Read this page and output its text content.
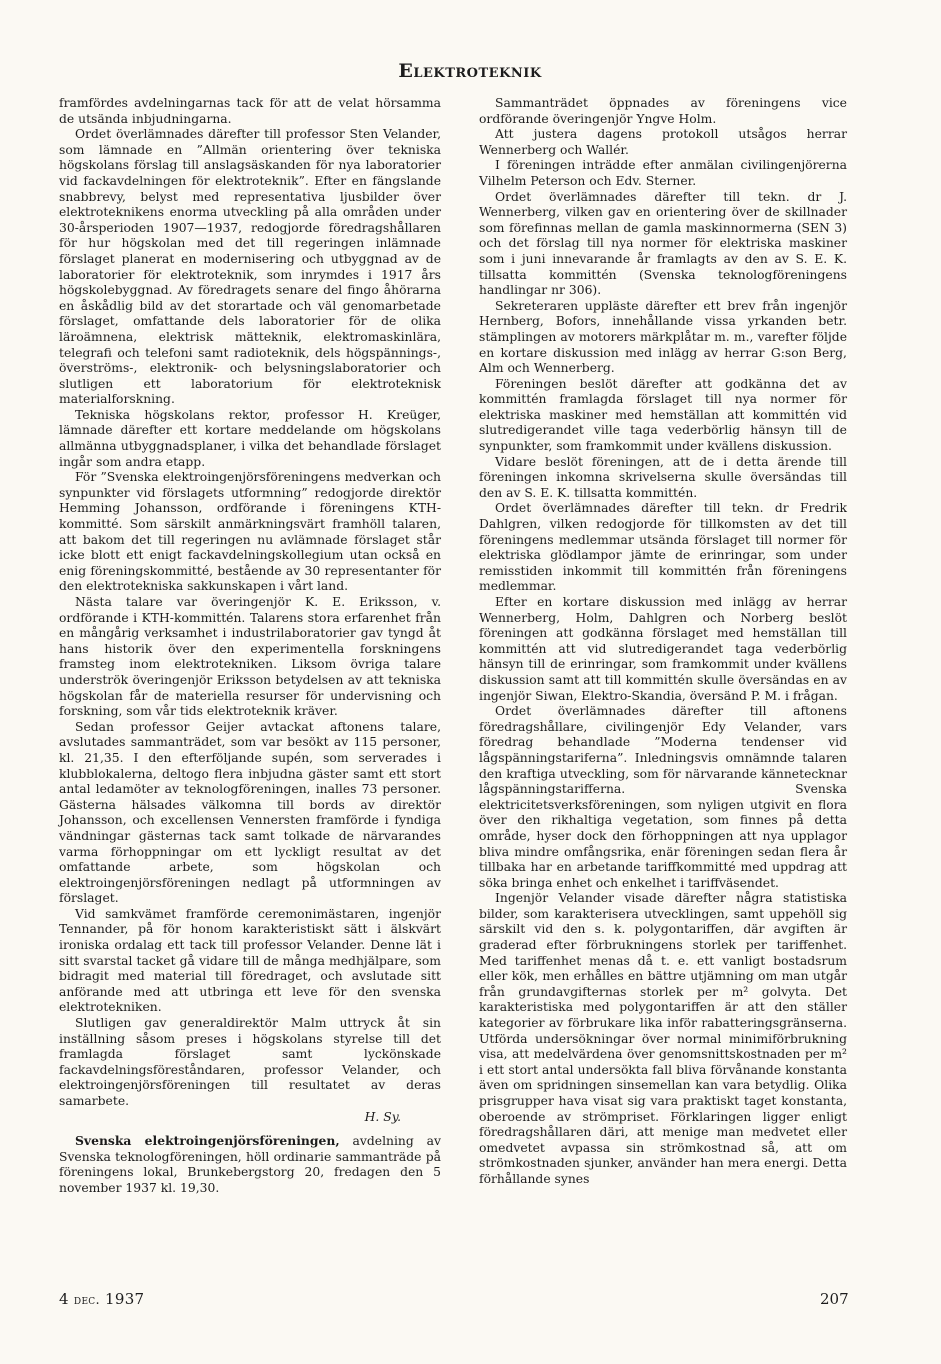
Elektroteknik

framfördes avdelningarnas tack för att de velat hörsamma de utsända inbjudningarna.

Ordet överlämnades därefter till professor Sten Velander, som lämnade en ”Allmän orientering över tekniska högskolans förslag till anslagsäskanden för nya laboratorier vid fackavdelningen för elektroteknik”. Efter en fängslande snabbrevy, belyst med representativa ljusbilder över elektroteknikens enorma utveckling på alla områden under 30-årsperioden 1907—1937, redogjorde föredragshållaren för hur högskolan med det till regeringen inlämnade förslaget planerat en modernisering och utbyggnad av de laboratorier för elektroteknik, som inrymdes i 1917 års högskolebyggnad. Av föredragets senare del fingo åhörarna en åskådlig bild av det storartade och väl genomarbetade förslaget, omfattande dels laboratorier för de olika läroämnena, elektrisk mätteknik, elektromaskinlära, telegrafi och telefoni samt radioteknik, dels högspännings-, överströms-, elektronik- och belysningslaboratorier och slutligen ett laboratorium för elektroteknisk materialforskning.

Tekniska högskolans rektor, professor H. Kreüger, lämnade därefter ett kortare meddelande om högskolans allmänna utbyggnadsplaner, i vilka det behandlade förslaget ingår som andra etapp.

För ”Svenska elektroingenjörsföreningens medverkan och synpunkter vid förslagets utformning” redogjorde direktör Hemming Johansson, ordförande i föreningens KTH-kommitté. Som särskilt anmärkningsvärt framhöll talaren, att bakom det till regeringen nu avlämnade förslaget står icke blott ett enigt fackavdelningskollegium utan också en enig föreningskommitté, bestående av 30 representanter för den elektrotekniska sakkunskapen i vårt land.

Nästa talare var överingenjör K. E. Eriksson, v. ordförande i KTH-kommittén. Talarens stora erfarenhet från en mångårig verksamhet i industrilaboratorier gav tyngd åt hans historik över den experimentella forskningens framsteg inom elektrotekniken. Liksom övriga talare underströk överingenjör Eriksson betydelsen av att tekniska högskolan får de materiella resurser för undervisning och forskning, som vår tids elektroteknik kräver.

Sedan professor Geijer avtackat aftonens talare, avslutades sammanträdet, som var besökt av 115 personer, kl. 21,35. I den efterföljande supén, som serverades i klubblokalerna, deltogo flera inbjudna gäster samt ett stort antal ledamöter av teknologföreningen, inalles 73 personer. Gästerna hälsades välkomna till bords av direktör Johansson, och excellensen Vennersten framförde i fyndiga vändningar gästernas tack samt tolkade de närvarandes varma förhoppningar om ett lyckligt resultat av det omfattande arbete, som högskolan och elektroingenjörsföreningen nedlagt på utformningen av förslaget.

Vid samkvämet framförde ceremonimästaren, ingenjör Tennander, på för honom karakteristiskt sätt i älskvärt ironiska ordalag ett tack till professor Velander. Denne lät i sitt svarstal tacket gå vidare till de många medhjälpare, som bidragit med material till föredraget, och avslutade sitt anförande med att utbringa ett leve för den svenska elektrotekniken.

Slutligen gav generaldirektör Malm uttryck åt sin inställning såsom preses i högskolans styrelse till det framlagda förslaget samt lyckönskade fackavdelningsföreståndaren, professor Velander, och elektroingenjörsföreningen till resultatet av deras samarbete.

H. Sy.

Svenska elektroingenjörsföreningen, avdelning av Svenska teknologföreningen, höll ordinarie sammanträde på föreningens lokal, Brunkebergstorg 20, fredagen den 5 november 1937 kl. 19,30.

Sammanträdet öppnades av föreningens vice ordförande överingenjör Yngve Holm.

Att justera dagens protokoll utsågos herrar Wennerberg och Wallér.

I föreningen inträdde efter anmälan civilingenjörerna Vilhelm Peterson och Edv. Sterner.

Ordet överlämnades därefter till tekn. dr J. Wennerberg, vilken gav en orientering över de skillnader som förefinnas mellan de gamla maskinnormerna (SEN 3) och det förslag till nya normer för elektriska maskiner som i juni innevarande år framlagts av den av S. E. K. tillsatta kommittén (Svenska teknologföreningens handlingar nr 306).

Sekreteraren uppläste därefter ett brev från ingenjör Hernberg, Bofors, innehållande vissa yrkanden betr. stämplingen av motorers märkplåtar m. m., varefter följde en kortare diskussion med inlägg av herrar G:son Berg, Alm och Wennerberg.

Föreningen beslöt därefter att godkänna det av kommittén framlagda förslaget till nya normer för elektriska maskiner med hemställan att kommittén vid slutredigerandet ville taga vederbörlig hänsyn till de synpunkter, som framkommit under kvällens diskussion.

Vidare beslöt föreningen, att de i detta ärende till föreningen inkomna skrivelserna skulle översändas till den av S. E. K. tillsatta kommittén.

Ordet överlämnades därefter till tekn. dr Fredrik Dahlgren, vilken redogjorde för tillkomsten av det till föreningens medlemmar utsända förslaget till normer för elektriska glödlampor jämte de erinringar, som under remisstiden inkommit till kommittén från föreningens medlemmar.

Efter en kortare diskussion med inlägg av herrar Wennerberg, Holm, Dahlgren och Norberg beslöt föreningen att godkänna förslaget med hemställan till kommittén att vid slutredigerandet taga vederbörlig hänsyn till de erinringar, som framkommit under kvällens diskussion samt att till kommittén skulle översändas en av ingenjör Siwan, Elektro-Skandia, översänd P. M. i frågan.

Ordet överlämnades därefter till aftonens föredragshållare, civilingenjör Edy Velander, vars föredrag behandlade ”Moderna tendenser vid lågspänningstariferna”. Inledningsvis omnämnde talaren den kraftiga utveckling, som för närvarande kännetecknar lågspänningstarifferna. Svenska elektricitetsverksföreningen, som nyligen utgivit en flora över den rikhaltiga vegetation, som finnes på detta område, hyser dock den förhoppningen att nya upplagor bliva mindre omfångsrika, enär föreningen sedan flera år tillbaka har en arbetande tariffkommitté med uppdrag att söka bringa enhet och enkelhet i tariffväsendet.

Ingenjör Velander visade därefter några statistiska bilder, som karakterisera utvecklingen, samt uppehöll sig särskilt vid den s. k. polygontariffen, där avgiften är graderad efter förbrukningens storlek per tariffenhet. Med tariffenhet menas då t. e. ett vanligt bostadsrum eller kök, men erhålles en bättre utjämning om man utgår från grundavgifternas storlek per m² golvyta. Det karakteristiska med polygontariffen är att den ställer kategorier av förbrukare lika inför rabatteringsgränserna. Utförda undersökningar över normal minimiförbrukning visa, att medelvärdena över genomsnittskostnaden per m² i ett stort antal undersökta fall bliva förvånande konstanta även om spridningen sinsemellan kan vara betydlig. Olika prisgrupper hava visat sig vara praktiskt taget konstanta, oberoende av strömpriset. Förklaringen ligger enligt föredragshållaren däri, att menige man medvetet eller omedvetet avpassa sin strömkostnad så, att om strömkostnaden sjunker, använder han mera energi. Detta förhållande synes

4 dec. 1937	207
